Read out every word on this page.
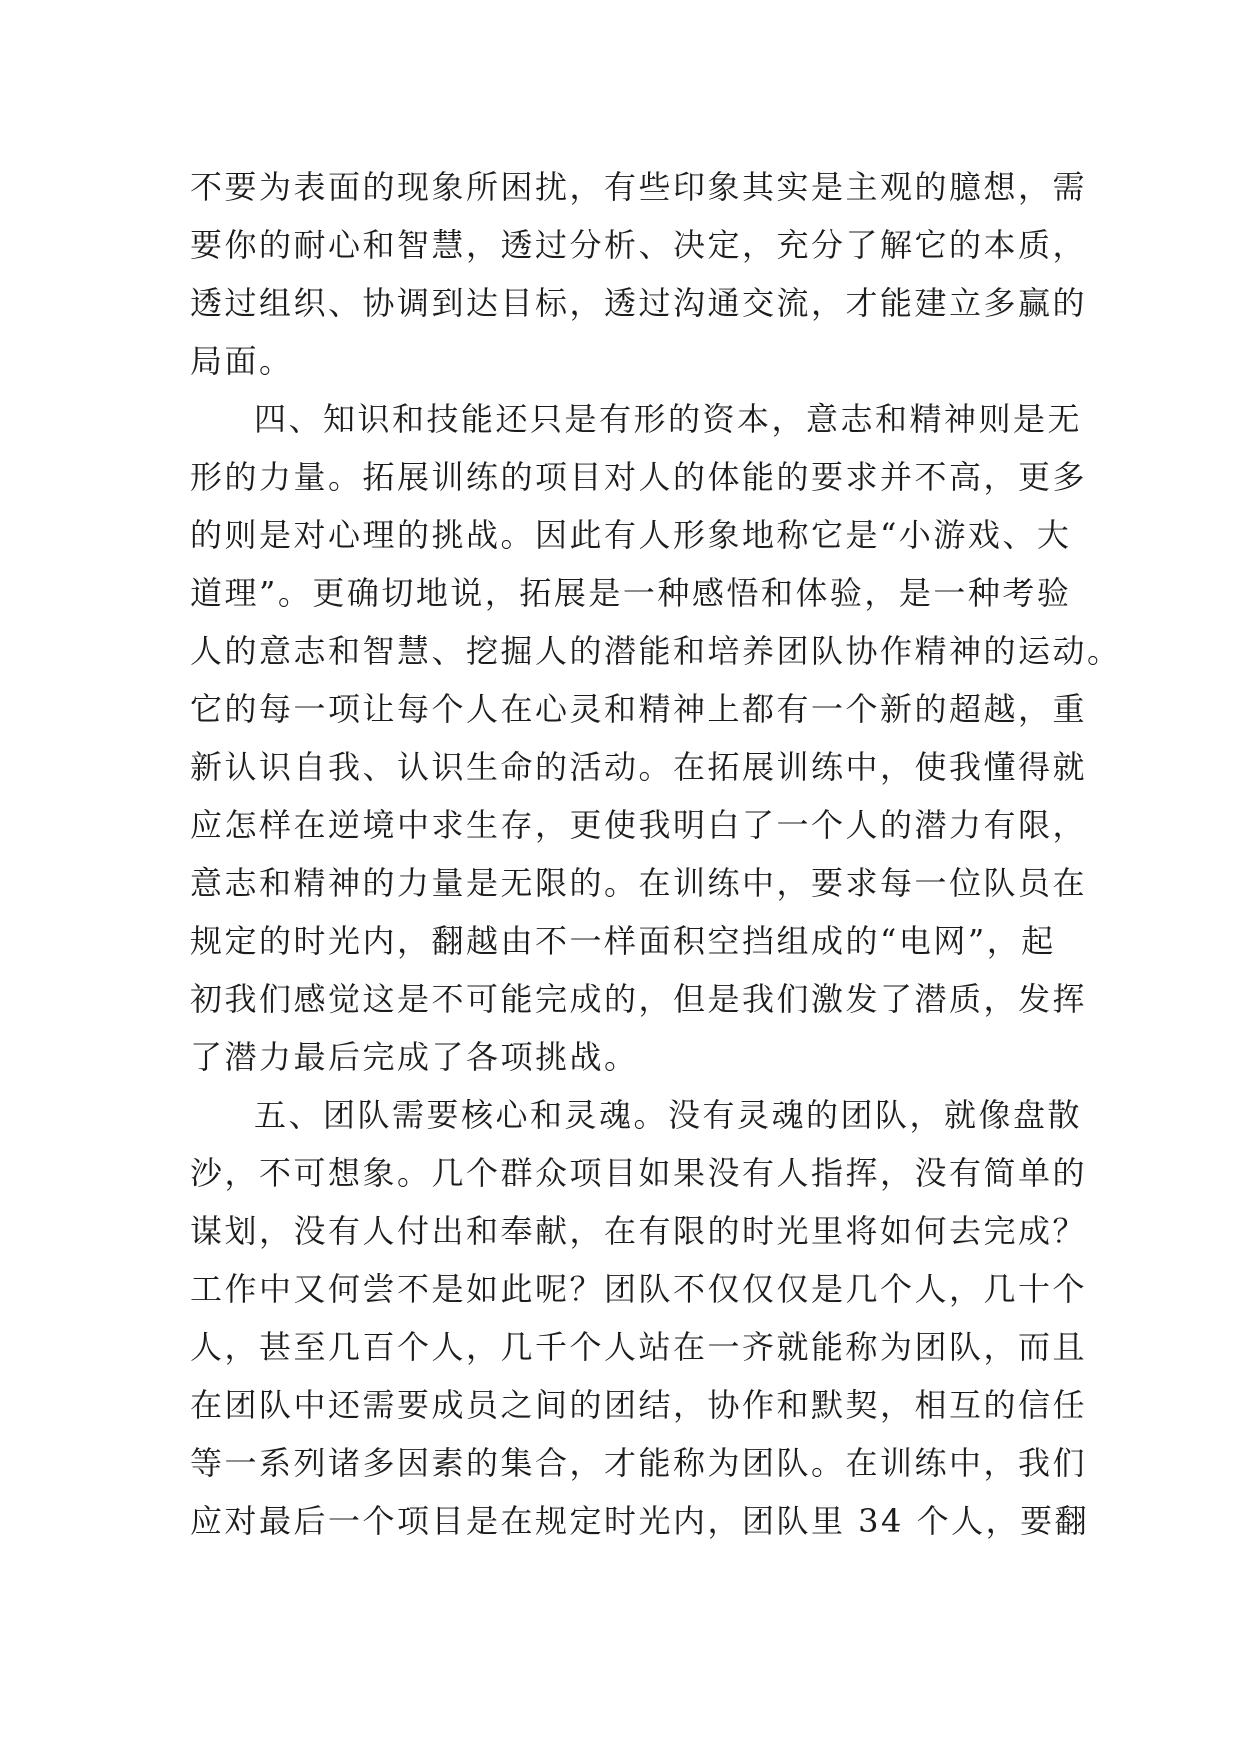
不要为表面的现象所困扰，有些印象其实是主观的臆想，需

要你的耐心和智慧，透过分析、决定，充分了解它的本质，

透过组织、协调到达目标，透过沟通交流，才能建立多赢的

局面。

四、知识和技能还只是有形的资本，意志和精神则是无

形的力量。拓展训练的项目对人的体能的要求并不高，更多

的则是对心理的挑战。因此有人形象地称它是“小游戏、大

道理”。更确切地说，拓展是一种感悟和体验，是一种考验

人的意志和智慧、挖掘人的潜能和培养团队协作精神的运动。

它的每一项让每个人在心灵和精神上都有一个新的超越，重

新认识自我、认识生命的活动。在拓展训练中，使我懂得就

应怎样在逆境中求生存，更使我明白了一个人的潜力有限，

意志和精神的力量是无限的。在训练中，要求每一位队员在

规定的时光内，翻越由不一样面积空挡组成的“电网”，起

初我们感觉这是不可能完成的，但是我们激发了潜质，发挥

了潜力最后完成了各项挑战。

五、团队需要核心和灵魂。没有灵魂的团队，就像盘散

沙，不可想象。几个群众项目如果没有人指挥，没有简单的

谋划，没有人付出和奉献，在有限的时光里将如何去完成？

工作中又何尝不是如此呢？团队不仅仅仅是几个人，几十个

人，甚至几百个人，几千个人站在一齐就能称为团队，而且

在团队中还需要成员之间的团结，协作和默契，相互的信任

等一系列诸多因素的集合，才能称为团队。在训练中，我们

应对最后一个项目是在规定时光内，团队里 34 个人，要翻
